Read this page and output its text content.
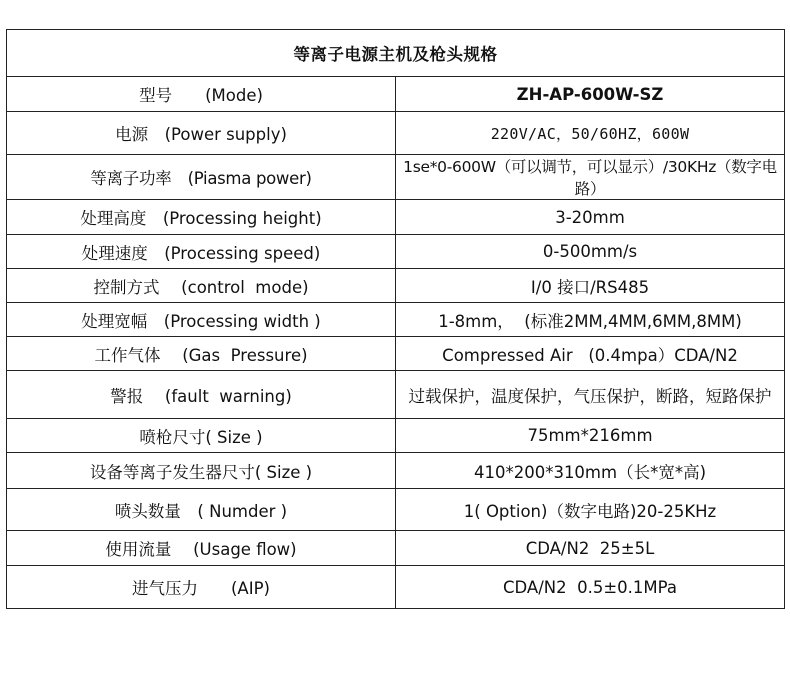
等离子电源主机及枪头规格	
型号　　(Mode)	ZH-AP-600W-SZ
电源　(Power supply)	220V/AC，50/60HZ，600W
等离子功率　(Piasma power)	1se*0-600W（可以调节，可以显示）/30KHz（数字电路）
处理高度　(Processing height)	3-20mm
处理速度　(Processing speed)	0-500mm/s
控制方式　 (control  mode)	I/0 接口/RS485
处理宽幅　(Processing width )	1-8mm，  (标准2MM,4MM,6MM,8MM)
工作气体　 (Gas  Pressure)	Compressed Air   (0.4mpa）CDA/N2
警报　 (fault  warning)	过载保护，温度保护，气压保护，断路，短路保护
喷枪尺寸( Size )	75mm*216mm
设备等离子发生器尺寸( Size )	410*200*310mm（长*宽*高)
喷头数量　( Numder )	1( Option)（数字电路)20-25KHz
使用流量　 (Usage flow)	CDA/N2  25±5L
进气压力　　(AIP)	CDA/N2  0.5±0.1MPa
